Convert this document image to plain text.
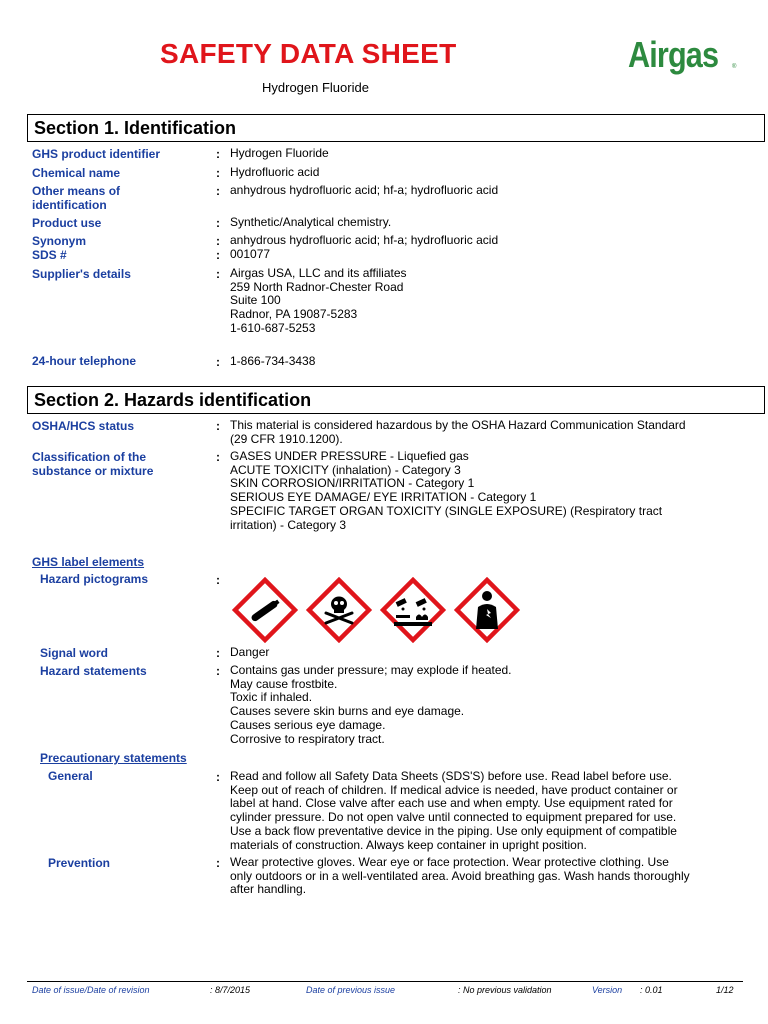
SAFETY DATA SHEET
Hydrogen Fluoride
Airgas ®
Section 1. Identification
GHS product identifier	: Hydrogen Fluoride
Chemical name	: Hydrofluoric acid
Other means of
identification
: anhydrous hydrofluoric acid; hf-a; hydrofluoric acid
Product use	: Synthetic/Analytical chemistry.
Synonym	: anhydrous hydrofluoric acid; hf-a; hydrofluoric acid
SDS #	: 001077
Supplier's details	: Airgas USA, LLC and its affiliates
259 North Radnor-Chester Road
Suite 100
Radnor, PA 19087-5283
1-610-687-5253
24-hour telephone	: 1-866-734-3438
Section 2. Hazards identification
OSHA/HCS status	: This material is considered hazardous by the OSHA Hazard Communication Standard
(29 CFR 1910.1200).
Classification of the
substance or mixture
: GASES UNDER PRESSURE - Liquefied gas
ACUTE TOXICITY (inhalation) - Category 3
SKIN CORROSION/IRRITATION - Category 1
SERIOUS EYE DAMAGE/ EYE IRRITATION - Category 1
SPECIFIC TARGET ORGAN TOXICITY (SINGLE EXPOSURE) (Respiratory tract
irritation) - Category 3
GHS label elements
Hazard pictograms	:
Signal word	: Danger
Hazard statements	: Contains gas under pressure; may explode if heated.
May cause frostbite.
Toxic if inhaled.
Causes severe skin burns and eye damage.
Causes serious eye damage.
Corrosive to respiratory tract.
Precautionary statements
General	: Read and follow all Safety Data Sheets (SDS'S) before use. Read label before use.
Keep out of reach of children. If medical advice is needed, have product container or
label at hand. Close valve after each use and when empty. Use equipment rated for
cylinder pressure. Do not open valve until connected to equipment prepared for use.
Use a back flow preventative device in the piping. Use only equipment of compatible
materials of construction. Always keep container in upright position.
Prevention	: Wear protective gloves. Wear eye or face protection. Wear protective clothing. Use
only outdoors or in a well-ventilated area. Avoid breathing gas. Wash hands thoroughly
after handling.
Date of issue/Date of revision	: 8/7/2015	Date of previous issue	: No previous validation	Version : 0.01	1/12
